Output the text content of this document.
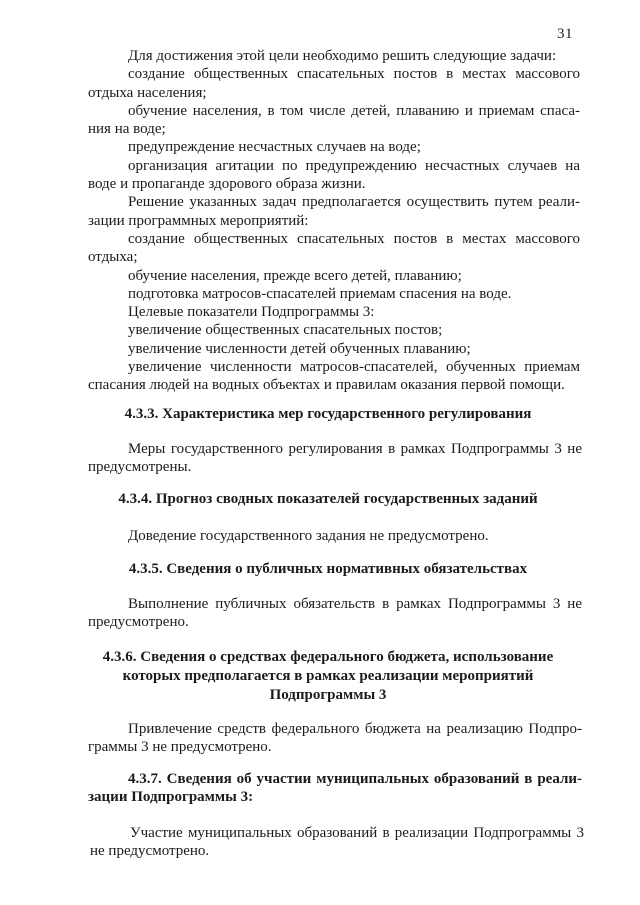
31

Для достижения этой цели необходимо решить следующие задачи:

создание общественных спасательных постов в местах массового отдыха населения;

обучение населения, в том числе детей, плаванию и приемам спаса-ния на воде;

предупреждение несчастных случаев на воде;

организация агитации по предупреждению несчастных случаев на воде и пропаганде здорового образа жизни.

Решение указанных задач предполагается осуществить путем реали-зации программных мероприятий:

создание общественных спасательных постов в местах массового отдыха;

обучение населения, прежде всего детей, плаванию;

подготовка матросов-спасателей приемам спасения на воде.

Целевые показатели Подпрограммы 3:

увеличение общественных спасательных постов;

увеличение численности детей обученных плаванию;

увеличение численности матросов-спасателей, обученных приемам спасания людей на водных объектах и правилам оказания первой помощи.

4.3.3. Характеристика мер государственного регулирования

Меры государственного регулирования в рамках Подпрограммы 3 не предусмотрены.

4.3.4. Прогноз сводных показателей государственных заданий

Доведение государственного задания не предусмотрено.

4.3.5. Сведения о публичных нормативных обязательствах

Выполнение публичных обязательств в рамках Подпрограммы 3 не предусмотрено.

4.3.6. Сведения о средствах федерального бюджета, использование

которых предполагается в рамках реализации мероприятий

Подпрограммы 3

Привлечение средств федерального бюджета на реализацию Подпро-граммы 3 не предусмотрено.

4.3.7. Сведения об участии муниципальных образований в реали-зации Подпрограммы 3:

Участие муниципальных образований в реализации Подпрограммы 3 не предусмотрено.
